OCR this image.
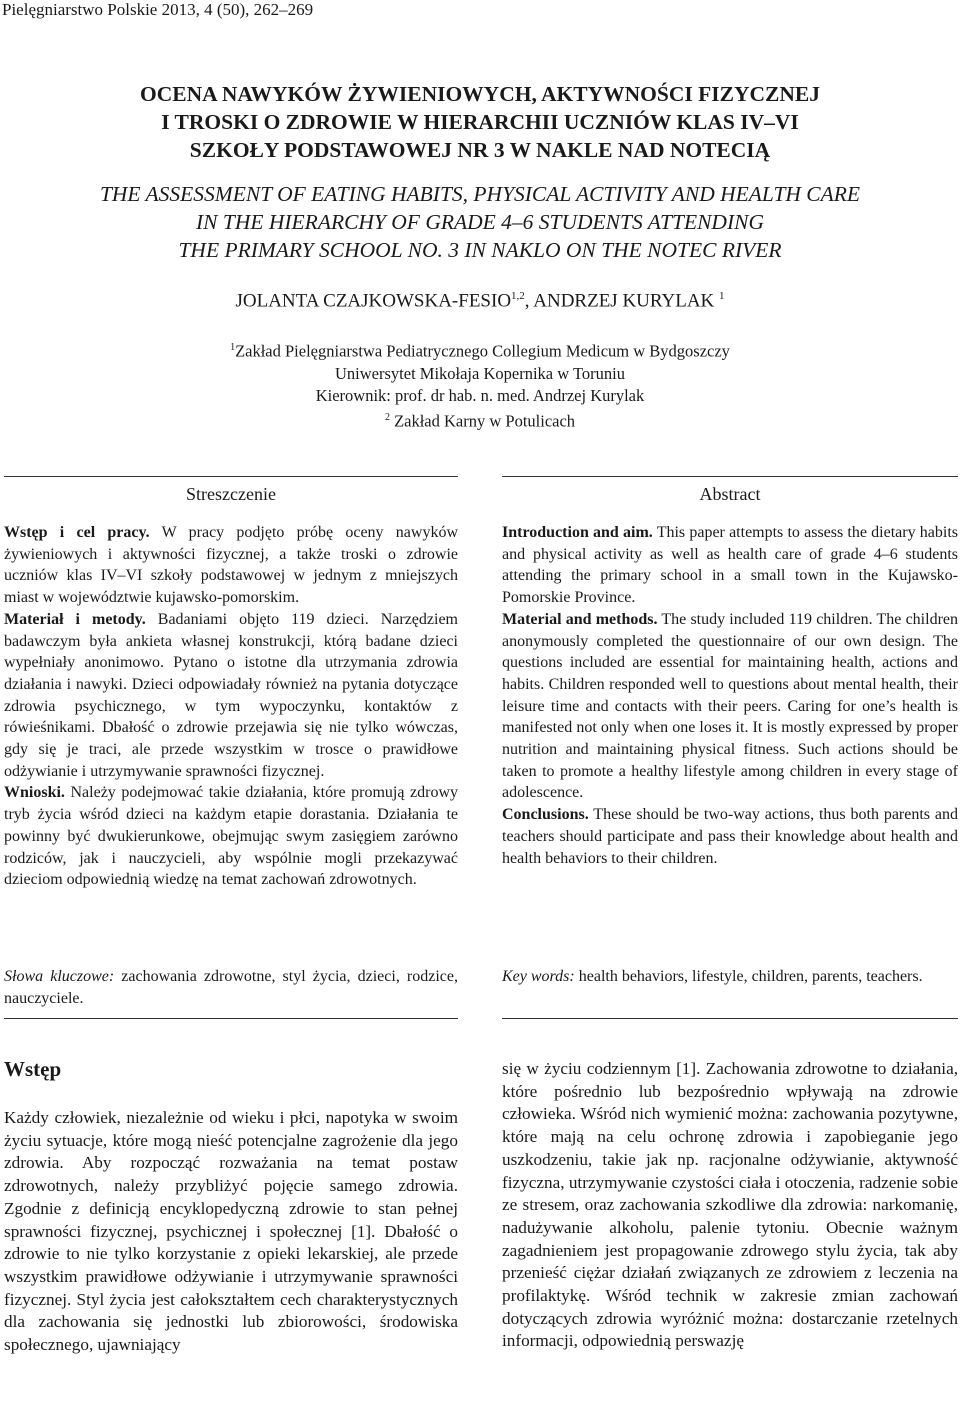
Pielęgniarstwo Polskie 2013, 4 (50), 262–269
OCENA NAWYKÓW ŻYWIENIOWYCH, AKTYWNOŚCI FIZYCZNEJ
I TROSKI O ZDROWIE W HIERARCHII UCZNIÓW KLAS IV–VI
SZKOŁY PODSTAWOWEJ NR 3 W NAKLE NAD NOTECIĄ
THE ASSESSMENT OF EATING HABITS, PHYSICAL ACTIVITY AND HEALTH CARE
IN THE HIERARCHY OF GRADE 4–6 STUDENTS ATTENDING
THE PRIMARY SCHOOL NO. 3 IN NAKLO ON THE NOTEC RIVER
JOLANTA CZAJKOWSKA-FESIO$^{1,2}$, ANDRZEJ KURYLAK $^1$
$^1$Zakład Pielęgniarstwa Pediatrycznego Collegium Medicum w Bydgoszczy
Uniwersytet Mikołaja Kopernika w Toruniu
Kierownik: prof. dr hab. n. med. Andrzej Kurylak
$^2$ Zakład Karny w Potulicach
Streszczenie	Abstract

Wstęp i cel pracy. W pracy podjęto próbę oceny nawyków żywieniowych i aktywności fizycznej, a także troski o zdrowie uczniów klas IV–VI szkoły podstawowej w jednym z mniejszych miast w województwie kujawsko-pomorskim.

Materiał i metody. Badaniami objęto 119 dzieci. Narzędziem badawczym była ankieta własnej konstrukcji, którą badane dzieci wypełniały anonimowo. Pytano o istotne dla utrzymania zdrowia działania i nawyki. Dzieci odpowiadały również na pytania dotyczące zdrowia psychicznego, w tym wypoczynku, kontaktów z rówieśnikami. Dbałość o zdrowie przejawia się nie tylko wówczas, gdy się je traci, ale przede wszystkim w trosce o prawidłowe odżywianie i utrzymywanie sprawności fizycznej.

Wnioski. Należy podejmować takie działania, które promują zdrowy tryb życia wśród dzieci na każdym etapie dorastania. Działania te powinny być dwukierunkowe, obejmując swym zasięgiem zarówno rodziców, jak i nauczycieli, aby wspólnie mogli przekazywać dzieciom odpowiednią wiedzę na temat zachowań zdrowotnych.

Introduction and aim. This paper attempts to assess the dietary habits and physical activity as well as health care of grade 4–6 students attending the primary school in a small town in the Kujawsko-Pomorskie Province.

Material and methods. The study included 119 children. The children anonymously completed the questionnaire of our own design. The questions included are essential for maintaining health, actions and habits. Children responded well to questions about mental health, their leisure time and contacts with their peers. Caring for one’s health is manifested not only when one loses it. It is mostly expressed by proper nutrition and maintaining physical fitness. Such actions should be taken to promote a healthy lifestyle among children in every stage of adolescence.

Conclusions. These should be two-way actions, thus both parents and teachers should participate and pass their knowledge about health and health behaviors to their children.

Słowa kluczowe: zachowania zdrowotne, styl życia, dzieci, rodzice, nauczyciele.
Key words: health behaviors, lifestyle, children, parents, teachers.
Wstęp

Każdy człowiek, niezależnie od wieku i płci, napotyka w swoim życiu sytuacje, które mogą nieść potencjalne zagrożenie dla jego zdrowia. Aby rozpocząć rozważania na temat postaw zdrowotnych, należy przybliżyć pojęcie samego zdrowia. Zgodnie z definicją encyklopedyczną zdrowie to stan pełnej sprawności fizycznej, psychicznej i społecznej [1]. Dbałość o zdrowie to nie tylko korzystanie z opieki lekarskiej, ale przede wszystkim prawidłowe odżywianie i utrzymywanie sprawności fizycznej. Styl życia jest całokształtem cech charakterystycznych dla zachowania się jednostki lub zbiorowości, środowiska społecznego, ujawniający

się w życiu codziennym [1]. Zachowania zdrowotne to działania, które pośrednio lub bezpośrednio wpływają na zdrowie człowieka. Wśród nich wymienić można: zachowania pozytywne, które mają na celu ochronę zdrowia i zapobieganie jego uszkodzeniu, takie jak np. racjonalne odżywianie, aktywność fizyczna, utrzymywanie czystości ciała i otoczenia, radzenie sobie ze stresem, oraz zachowania szkodliwe dla zdrowia: narkomanię, nadużywanie alkoholu, palenie tytoniu. Obecnie ważnym zagadnieniem jest propagowanie zdrowego stylu życia, tak aby przenieść ciężar działań związanych ze zdrowiem z leczenia na profilaktykę. Wśród technik w zakresie zmian zachowań dotyczących zdrowia wyróżnić można: dostarczanie rzetelnych informacji, odpowiednią perswazję
